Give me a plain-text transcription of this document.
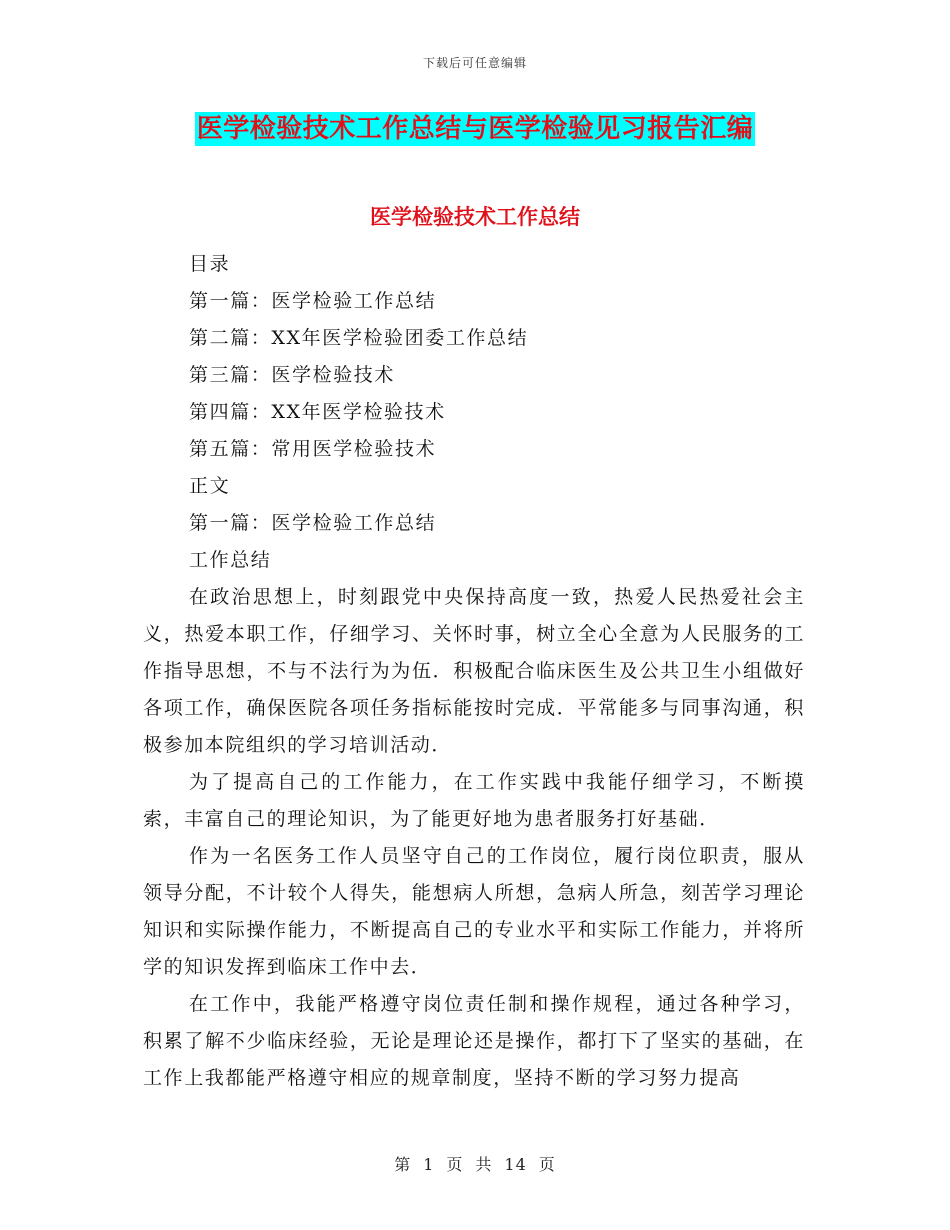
下载后可任意编辑
医学检验技术工作总结与医学检验见习报告汇编
医学检验技术工作总结

目录

第一篇：医学检验工作总结

第二篇：XX年医学检验团委工作总结

第三篇：医学检验技术

第四篇：XX年医学检验技术

第五篇：常用医学检验技术

正文

第一篇：医学检验工作总结

工作总结

在政治思想上，时刻跟党中央保持高度一致，热爱人民热爱社会主义，热爱本职工作，仔细学习、关怀时事，树立全心全意为人民服务的工作指导思想，不与不法行为为伍．积极配合临床医生及公共卫生小组做好各项工作，确保医院各项任务指标能按时完成．平常能多与同事沟通，积极参加本院组织的学习培训活动．

为了提高自己的工作能力，在工作实践中我能仔细学习，不断摸索，丰富自己的理论知识，为了能更好地为患者服务打好基础．

作为一名医务工作人员坚守自己的工作岗位，履行岗位职责，服从领导分配，不计较个人得失，能想病人所想，急病人所急，刻苦学习理论知识和实际操作能力，不断提高自己的专业水平和实际工作能力，并将所学的知识发挥到临床工作中去．

在工作中，我能严格遵守岗位责任制和操作规程，通过各种学习，积累了解不少临床经验，无论是理论还是操作，都打下了坚实的基础，在工作上我都能严格遵守相应的规章制度，坚持不断的学习努力提高

第 1 页 共 14 页
